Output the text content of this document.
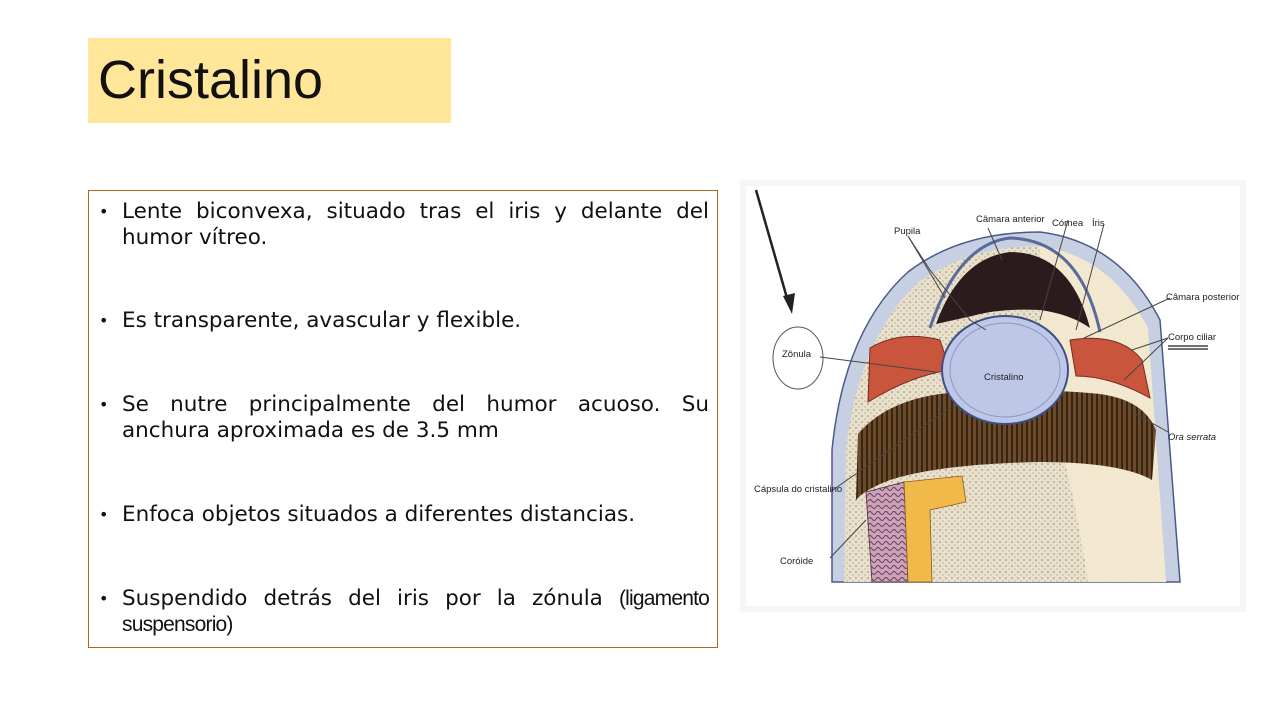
Cristalino
• Lente biconvexa, situado tras el iris y delante del humor vítreo.
• Es transparente, avascular y flexible.
• Se nutre principalmente del humor acuoso. Su anchura aproximada es de 3.5 mm
• Enfoca objetos situados a diferentes distancias.
• Suspendido detrás del iris por la zónula (ligamento suspensorio)
Pupila
Câmara anterior Córnea Íris
Câmara posterior
Corpo ciliar
Zônula
Cristalino
Ora serrata
Cápsula do cristalino
Coróide
